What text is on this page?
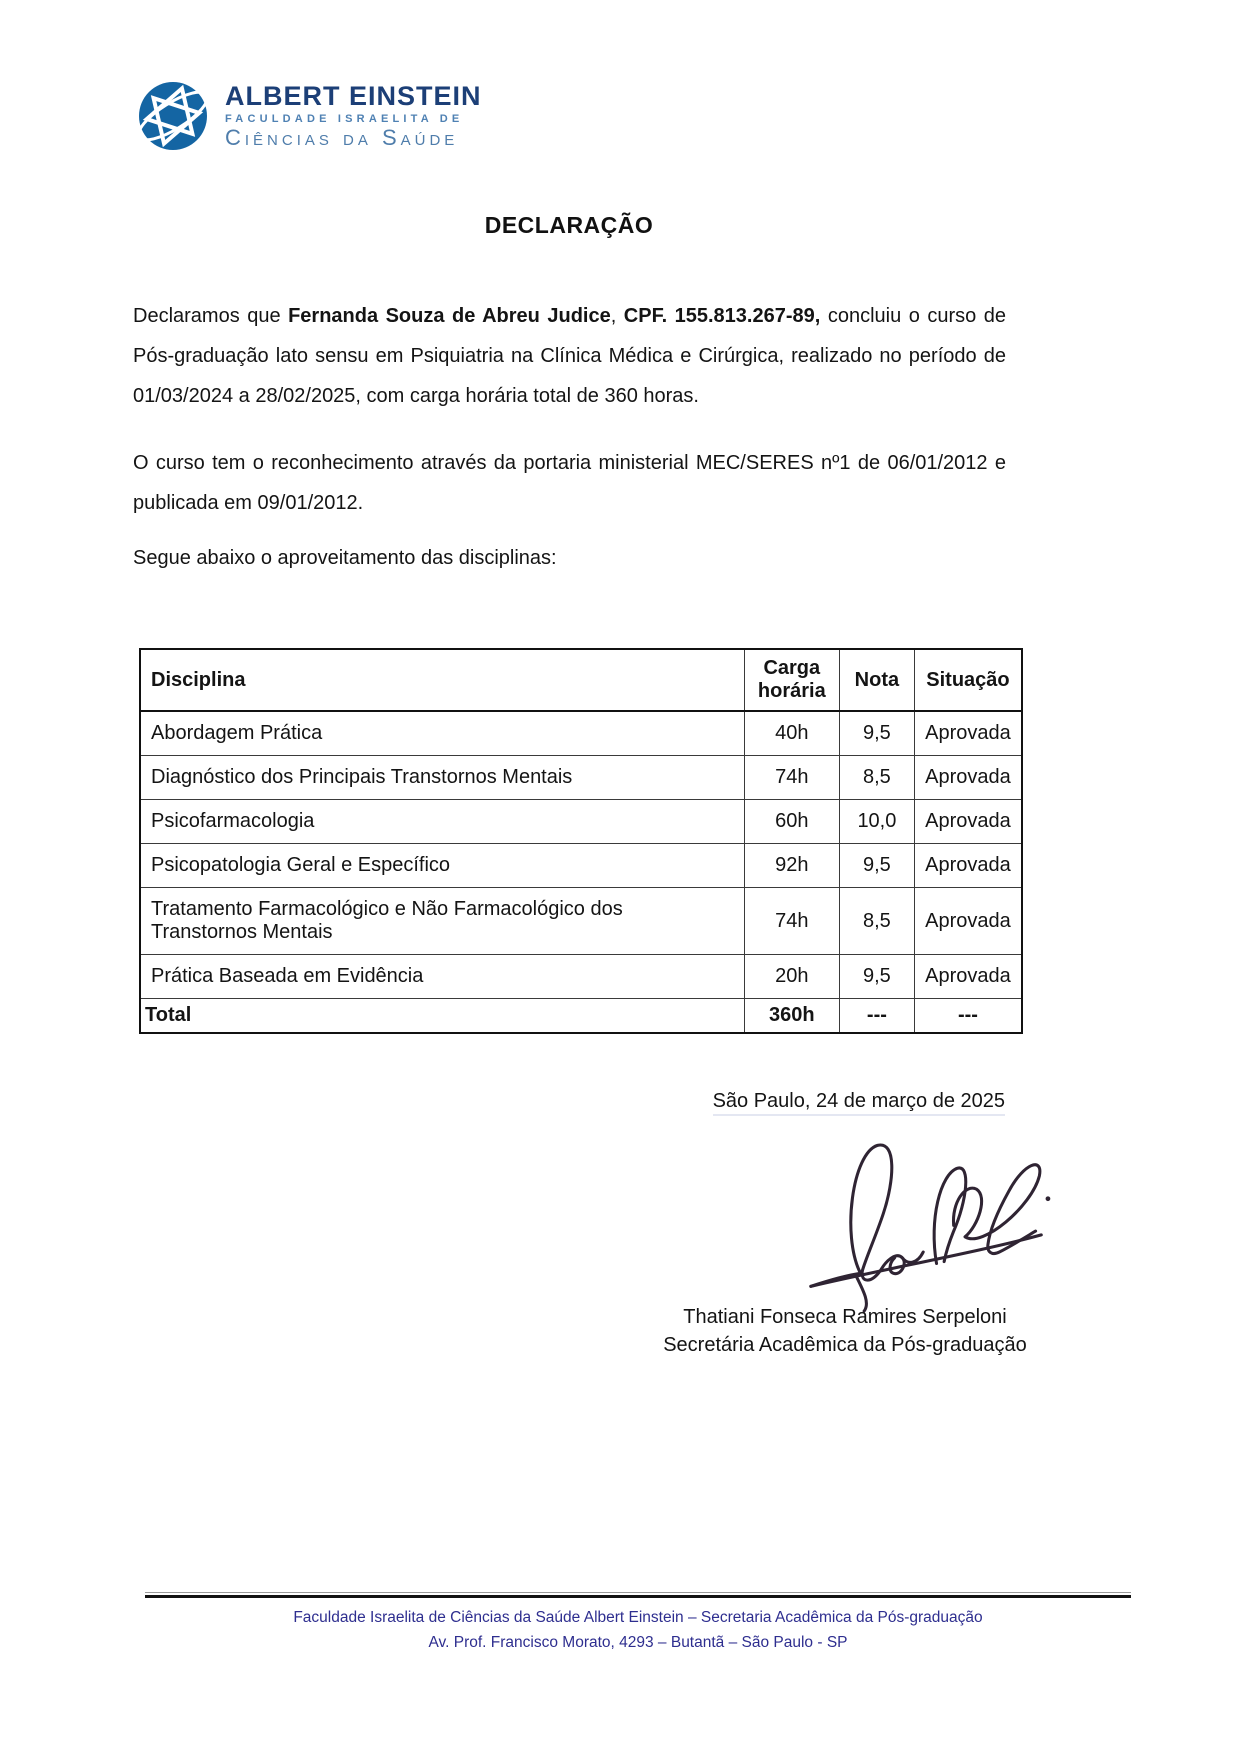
ALBERT EINSTEIN
FACULDADE ISRAELITA DE
Ciências da Saúde
DECLARAÇÃO

Declaramos que Fernanda Souza de Abreu Judice, CPF. 155.813.267-89, concluiu o curso de Pós-graduação lato sensu em Psiquiatria na Clínica Médica e Cirúrgica, realizado no período de 01/03/2024 a 28/02/2025, com carga horária total de 360 horas.

O curso tem o reconhecimento através da portaria ministerial MEC/SERES nº1 de 06/01/2012 e publicada em 09/01/2012.

Segue abaixo o aproveitamento das disciplinas:
Disciplina	Carga horária	Nota	Situação
Abordagem Prática	40h	9,5	Aprovada
Diagnóstico dos Principais Transtornos Mentais	74h	8,5	Aprovada
Psicofarmacologia	60h	10,0	Aprovada
Psicopatologia Geral e Específico	92h	9,5	Aprovada
Tratamento Farmacológico e Não Farmacológico dos Transtornos Mentais	74h	8,5	Aprovada
Prática Baseada em Evidência	20h	9,5	Aprovada
Total	360h	---	---
São Paulo, 24 de março de 2025
Thatiani Fonseca Ramires Serpeloni
Secretária Acadêmica da Pós-graduação
Faculdade Israelita de Ciências da Saúde Albert Einstein – Secretaria Acadêmica da Pós-graduação
Av. Prof. Francisco Morato, 4293 – Butantã – São Paulo - SP
